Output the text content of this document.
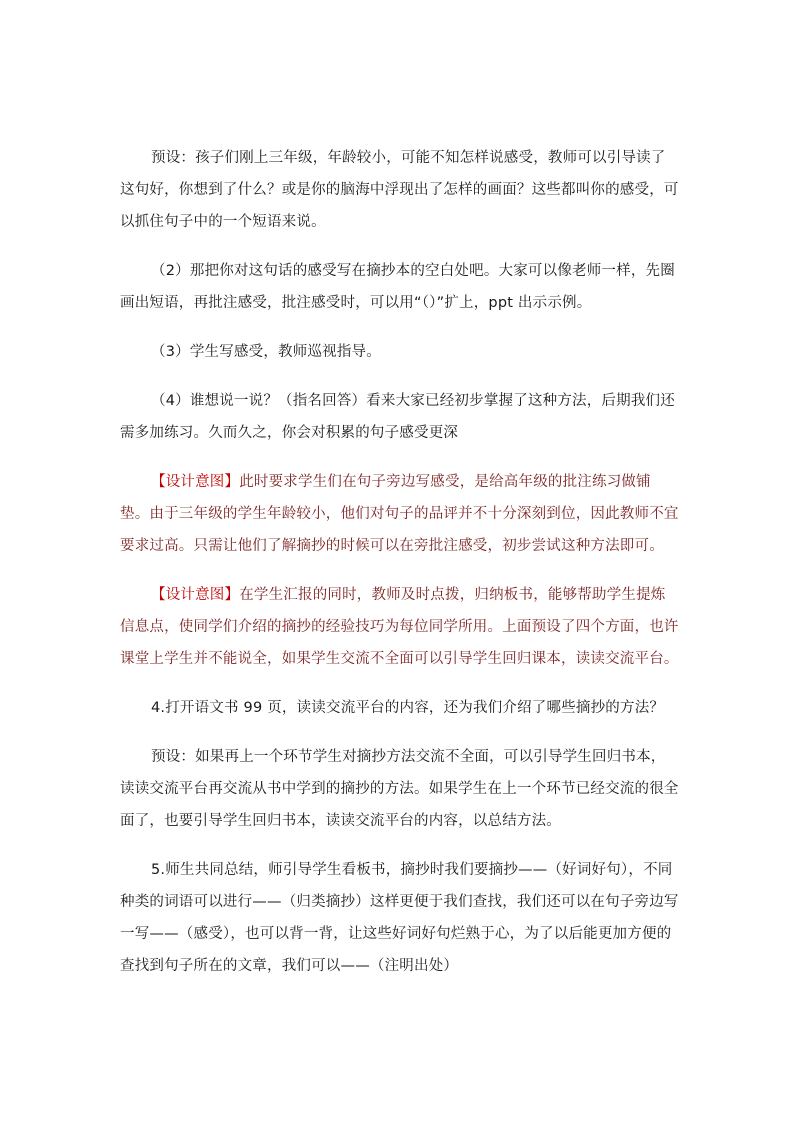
预设：孩子们刚上三年级，年龄较小，可能不知怎样说感受，教师可以引导读了这句好，你想到了什么？或是你的脑海中浮现出了怎样的画面？这些都叫你的感受，可以抓住句子中的一个短语来说。

（2）那把你对这句话的感受写在摘抄本的空白处吧。大家可以像老师一样，先圈画出短语，再批注感受，批注感受时，可以用“（）”扩上，ppt 出示示例。

（3）学生写感受，教师巡视指导。

（4）谁想说一说？（指名回答）看来大家已经初步掌握了这种方法，后期我们还需多加练习。久而久之，你会对积累的句子感受更深

【设计意图】此时要求学生们在句子旁边写感受，是给高年级的批注练习做铺垫。由于三年级的学生年龄较小，他们对句子的品评并不十分深刻到位，因此教师不宜要求过高。只需让他们了解摘抄的时候可以在旁批注感受，初步尝试这种方法即可。

【设计意图】在学生汇报的同时，教师及时点拨，归纳板书，能够帮助学生提炼信息点，使同学们介绍的摘抄的经验技巧为每位同学所用。上面预设了四个方面，也许课堂上学生并不能说全，如果学生交流不全面可以引导学生回归课本，读读交流平台。

4.打开语文书 99 页，读读交流平台的内容，还为我们介绍了哪些摘抄的方法？

预设：如果再上一个环节学生对摘抄方法交流不全面，可以引导学生回归书本，读读交流平台再交流从书中学到的摘抄的方法。如果学生在上一个环节已经交流的很全面了，也要引导学生回归书本，读读交流平台的内容，以总结方法。

5.师生共同总结，师引导学生看板书，摘抄时我们要摘抄——（好词好句），不同种类的词语可以进行——（归类摘抄）这样更便于我们查找，我们还可以在句子旁边写一写——（感受），也可以背一背，让这些好词好句烂熟于心，为了以后能更加方便的查找到句子所在的文章，我们可以——（注明出处）
